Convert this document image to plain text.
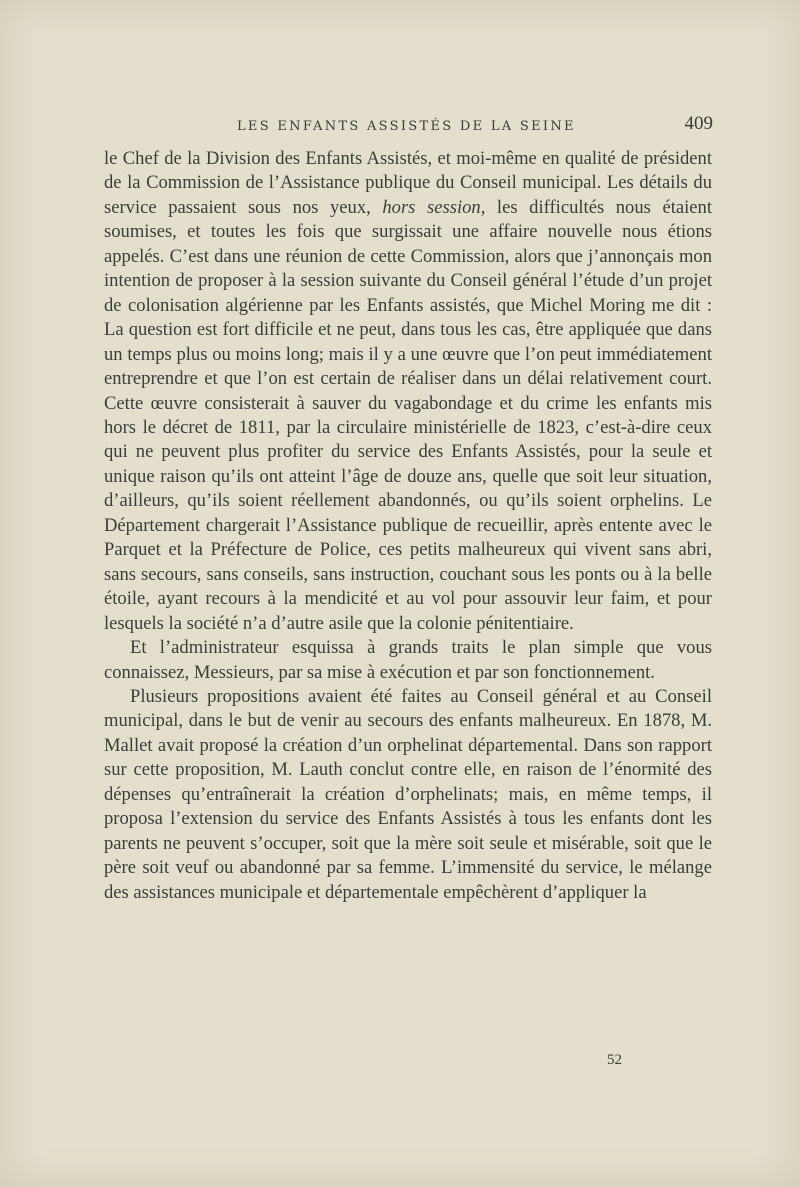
LES ENFANTS ASSISTÉS DE LA SEINE	409

le Chef de la Division des Enfants Assistés, et moi-même en qualité de président de la Commission de l’Assistance publique du Conseil municipal. Les détails du service passaient sous nos yeux, hors session, les difficultés nous étaient soumises, et toutes les fois que surgissait une affaire nouvelle nous étions appelés. C’est dans une réunion de cette Commission, alors que j’annonçais mon intention de proposer à la session suivante du Conseil général l’étude d’un projet de colonisation algérienne par les Enfants assistés, que Michel Moring me dit : La question est fort difficile et ne peut, dans tous les cas, être appliquée que dans un temps plus ou moins long; mais il y a une œuvre que l’on peut immédiatement entreprendre et que l’on est certain de réaliser dans un délai relativement court. Cette œuvre consisterait à sauver du vagabondage et du crime les enfants mis hors le décret de 1811, par la circulaire ministérielle de 1823, c’est-à-dire ceux qui ne peuvent plus profiter du service des Enfants Assistés, pour la seule et unique raison qu’ils ont atteint l’âge de douze ans, quelle que soit leur situation, d’ailleurs, qu’ils soient réellement abandonnés, ou qu’ils soient orphelins. Le Département chargerait l’Assistance publique de recueillir, après entente avec le Parquet et la Préfecture de Police, ces petits malheureux qui vivent sans abri, sans secours, sans conseils, sans instruction, couchant sous les ponts ou à la belle étoile, ayant recours à la mendicité et au vol pour assouvir leur faim, et pour lesquels la société n’a d’autre asile que la colonie pénitentiaire.

Et l’administrateur esquissa à grands traits le plan simple que vous connaissez, Messieurs, par sa mise à exécution et par son fonctionnement.

Plusieurs propositions avaient été faites au Conseil général et au Conseil municipal, dans le but de venir au secours des enfants malheureux. En 1878, M. Mallet avait proposé la création d’un orphelinat départemental. Dans son rapport sur cette proposition, M. Lauth conclut contre elle, en raison de l’énormité des dépenses qu’entraînerait la création d’orphelinats; mais, en même temps, il proposa l’extension du service des Enfants Assistés à tous les enfants dont les parents ne peuvent s’occuper, soit que la mère soit seule et misérable, soit que le père soit veuf ou abandonné par sa femme. L’immensité du service, le mélange des assistances municipale et départementale empêchèrent d’appliquer la

52
